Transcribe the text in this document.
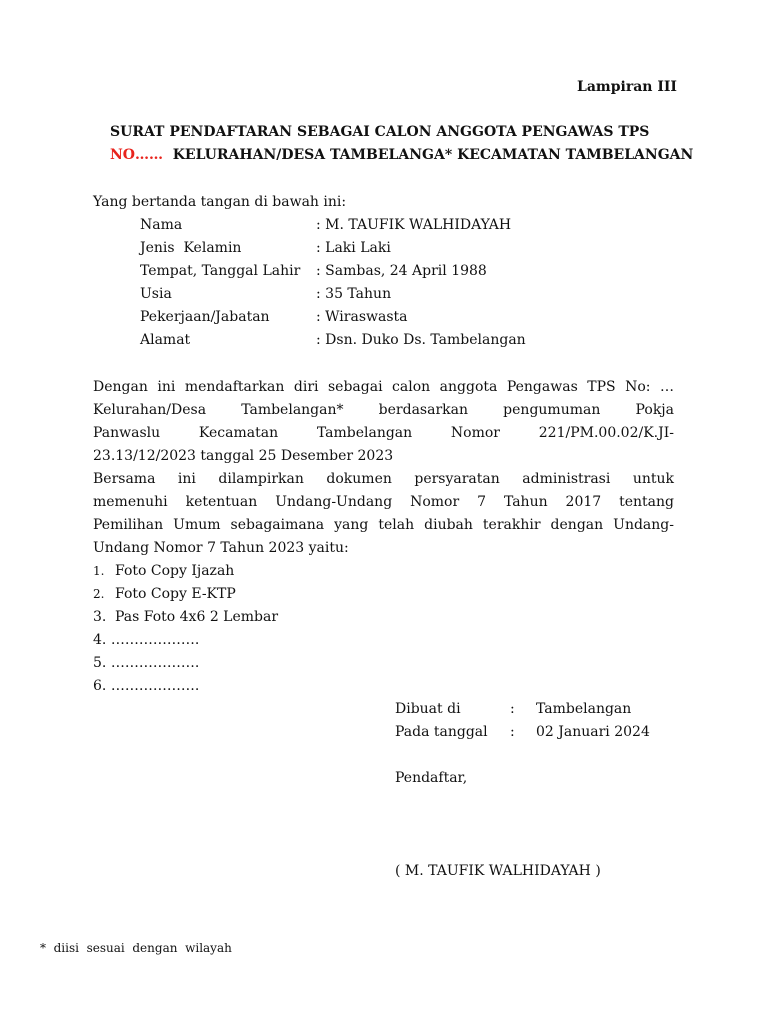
Lampiran III
SURAT PENDAFTARAN SEBAGAI CALON ANGGOTA PENGAWAS TPS
NO…… KELURAHAN/DESA TAMBELANGA* KECAMATAN TAMBELANGAN
Yang bertanda tangan di bawah ini:
Nama	: M. TAUFIK WALHIDAYAH
Jenis  Kelamin	: Laki Laki
Tempat, Tanggal Lahir : Sambas, 24 April 1988
Usia	: 35 Tahun
Pekerjaan/Jabatan	: Wiraswasta
Alamat	: Dsn. Duko Ds. Tambelangan
Dengan ini mendaftarkan diri sebagai calon anggota Pengawas TPS No: …
Kelurahan/Desa Tambelangan* berdasarkan pengumuman Pokja
Panwaslu Kecamatan Tambelangan Nomor 221/PM.00.02/K.JI-
23.13/12/2023 tanggal 25 Desember 2023
Bersama ini dilampirkan dokumen persyaratan administrasi untuk
memenuhi ketentuan Undang-Undang Nomor 7 Tahun 2017 tentang
Pemilihan Umum sebagaimana yang telah diubah terakhir dengan Undang-
Undang Nomor 7 Tahun 2023 yaitu:
1. Foto Copy Ijazah
2. Foto Copy E-KTP
3. Pas Foto 4x6 2 Lembar
4. ……………….
5. ……………….
6. ……………….
Dibuat di	: Tambelangan
Pada tanggal : 02 Januari 2024
Pendaftar,
( M. TAUFIK WALHIDAYAH )
*  diisi  sesuai  dengan  wilayah
